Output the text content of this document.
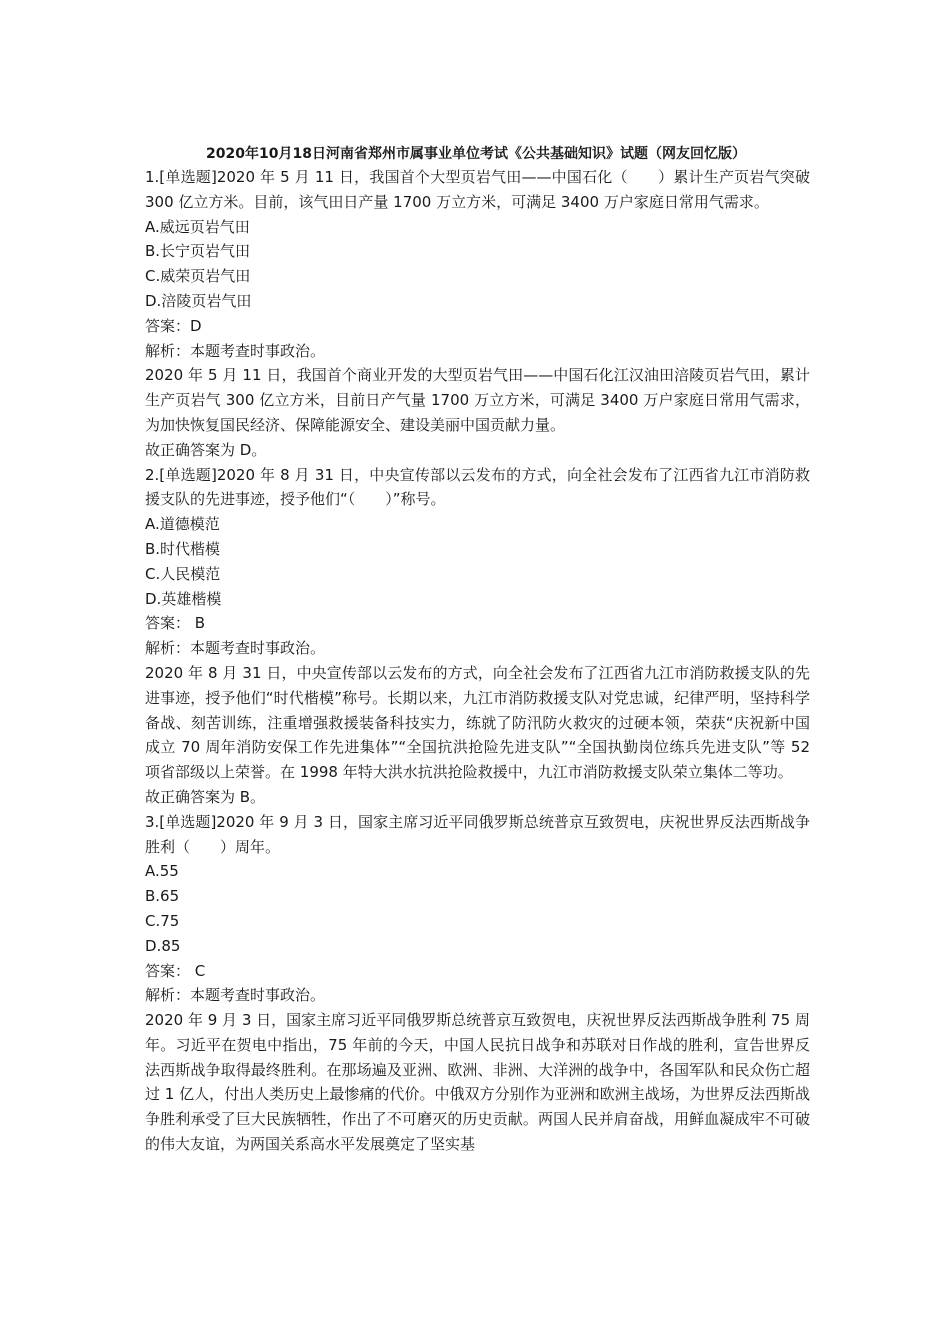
2020年10月18日河南省郑州市属事业单位考试《公共基础知识》试题（网友回忆版）

1.[单选题]2020 年 5 月 11 日，我国首个大型页岩气田——中国石化（　　）累计生产页岩气突破 300 亿立方米。目前，该气田日产量 1700 万立方米，可满足 3400 万户家庭日常用气需求。

A.威远页岩气田

B.长宁页岩气田

C.威荣页岩气田

D.涪陵页岩气田

答案：D

解析：本题考查时事政治。

2020 年 5 月 11 日，我国首个商业开发的大型页岩气田——中国石化江汉油田涪陵页岩气田，累计生产页岩气 300 亿立方米，目前日产气量 1700 万立方米，可满足 3400 万户家庭日常用气需求，为加快恢复国民经济、保障能源安全、建设美丽中国贡献力量。

故正确答案为 D。

2.[单选题]2020 年 8 月 31 日，中央宣传部以云发布的方式，向全社会发布了江西省九江市消防救援支队的先进事迹，授予他们“（　　）”称号。

A.道德模范

B.时代楷模

C.人民模范

D.英雄楷模

答案： B

解析：本题考查时事政治。

2020 年 8 月 31 日，中央宣传部以云发布的方式，向全社会发布了江西省九江市消防救援支队的先进事迹，授予他们“时代楷模”称号。长期以来，九江市消防救援支队对党忠诚，纪律严明，坚持科学备战、刻苦训练，注重增强救援装备科技实力，练就了防汛防火救灾的过硬本领，荣获“庆祝新中国成立 70 周年消防安保工作先进集体”“全国抗洪抢险先进支队”“全国执勤岗位练兵先进支队”等 52 项省部级以上荣誉。在 1998 年特大洪水抗洪抢险救援中，九江市消防救援支队荣立集体二等功。

故正确答案为 B。

3.[单选题]2020 年 9 月 3 日，国家主席习近平同俄罗斯总统普京互致贺电，庆祝世界反法西斯战争胜利（　　）周年。

A.55

B.65

C.75

D.85

答案： C

解析：本题考查时事政治。

2020 年 9 月 3 日，国家主席习近平同俄罗斯总统普京互致贺电，庆祝世界反法西斯战争胜利 75 周年。习近平在贺电中指出，75 年前的今天，中国人民抗日战争和苏联对日作战的胜利，宣告世界反法西斯战争取得最终胜利。在那场遍及亚洲、欧洲、非洲、大洋洲的战争中，各国军队和民众伤亡超过 1 亿人，付出人类历史上最惨痛的代价。中俄双方分别作为亚洲和欧洲主战场，为世界反法西斯战争胜利承受了巨大民族牺牲，作出了不可磨灭的历史贡献。两国人民并肩奋战，用鲜血凝成牢不可破的伟大友谊，为两国关系高水平发展奠定了坚实基
